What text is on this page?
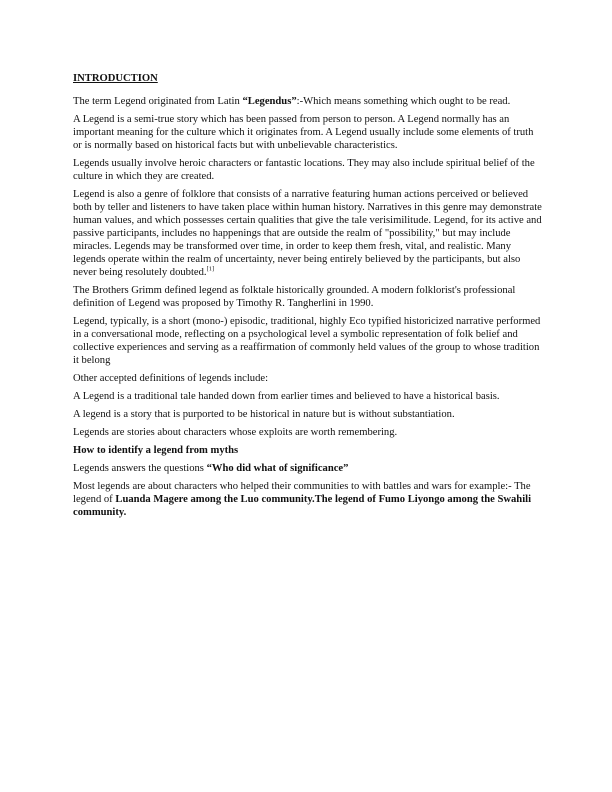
INTRODUCTION

The term Legend originated from Latin “Legendus”:-Which means something which ought to be read.

A Legend is a semi-true story which has been passed from person to person. A Legend normally has an important meaning for the culture which it originates from. A Legend usually include some elements of truth or is normally based on historical facts but with unbelievable characteristics.

Legends usually involve heroic characters or fantastic locations. They may also include spiritual belief of the culture in which they are created.

Legend is also a genre of folklore that consists of a narrative featuring human actions perceived or believed both by teller and listeners to have taken place within human history. Narratives in this genre may demonstrate human values, and which possesses certain qualities that give the tale verisimilitude. Legend, for its active and passive participants, includes no happenings that are outside the realm of "possibility," but may include miracles. Legends may be transformed over time, in order to keep them fresh, vital, and realistic. Many legends operate within the realm of uncertainty, never being entirely believed by the participants, but also never being resolutely doubted.[1]

The Brothers Grimm defined legend as folktale historically grounded. A modern folklorist's professional definition of Legend was proposed by Timothy R. Tangherlini in 1990.

Legend, typically, is a short (mono-) episodic, traditional, highly Eco typified historicized narrative performed in a conversational mode, reflecting on a psychological level a symbolic representation of folk belief and collective experiences and serving as a reaffirmation of commonly held values of the group to whose tradition it belong

Other accepted definitions of legends include:

A Legend is a traditional tale handed down from earlier times and believed to have a historical basis.

A legend is a story that is purported to be historical in nature but is without substantiation.

Legends are stories about characters whose exploits are worth remembering.

How to identify a legend from myths

Legends answers the questions “Who did what of significance”

Most legends are about characters who helped their communities to with battles and wars for example:- The legend of Luanda Magere among the Luo community.The legend of Fumo Liyongo among the Swahili community.
